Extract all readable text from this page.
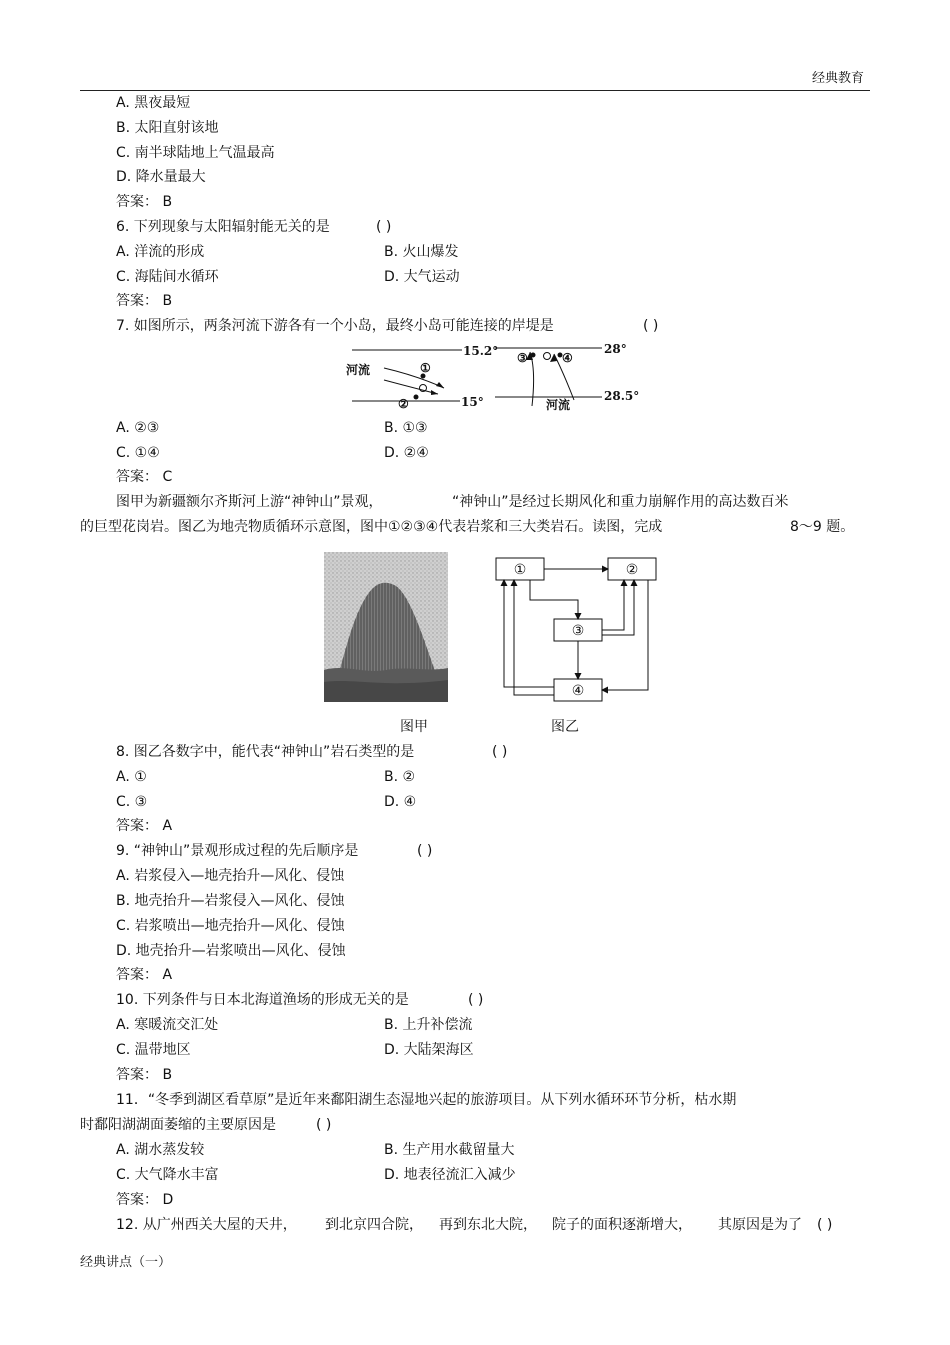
经典教育
A. 黑夜最短
B. 太阳直射该地
C. 南半球陆地上气温最高
D. 降水量最大
答案： B
6. 下列现象与太阳辐射能无关的是	( )
A. 洋流的形成	B. 火山爆发
C. 海陆间水循环	D. 大气运动
答案： B
7. 如图所示，两条河流下游各有一个小岛，最终小岛可能连接的岸堤是	( )
15.2°
15°
河流	①
②
28°
28.5°
河流
③	④
A. ②③	B. ①③
C. ①④	D. ②④
答案： C
图甲为新疆额尔齐斯河上游“神钟山”景观，	“神钟山”是经过长期风化和重力崩解作用的高达数百米
的巨型花岗岩。图乙为地壳物质循环示意图，图中①②③④代表岩浆和三大类岩石。读图，完成	8～9 题。
①	②
③
④
图甲	图乙
8. 图乙各数字中，能代表“神钟山”岩石类型的是	( )
A. ①	B. ②
C. ③	D. ④
答案： A
9. “神钟山”景观形成过程的先后顺序是	( )
A. 岩浆侵入—地壳抬升—风化、侵蚀
B. 地壳抬升—岩浆侵入—风化、侵蚀
C. 岩浆喷出—地壳抬升—风化、侵蚀
D. 地壳抬升—岩浆喷出—风化、侵蚀
答案： A
10. 下列条件与日本北海道渔场的形成无关的是	( )
A. 寒暖流交汇处	B. 上升补偿流
C. 温带地区	D. 大陆架海区
答案： B
11．“冬季到湖区看草原”是近年来鄱阳湖生态湿地兴起的旅游项目。从下列水循环环节分析，枯水期
时鄱阳湖湖面萎缩的主要原因是	( )
A. 湖水蒸发较	B. 生产用水截留量大
C. 大气降水丰富	D. 地表径流汇入减少
答案： D
12. 从广州西关大屋的天井， 到北京四合院， 再到东北大院， 院子的面积逐渐增大， 其原因是为了 ( )
经典讲点（一）
